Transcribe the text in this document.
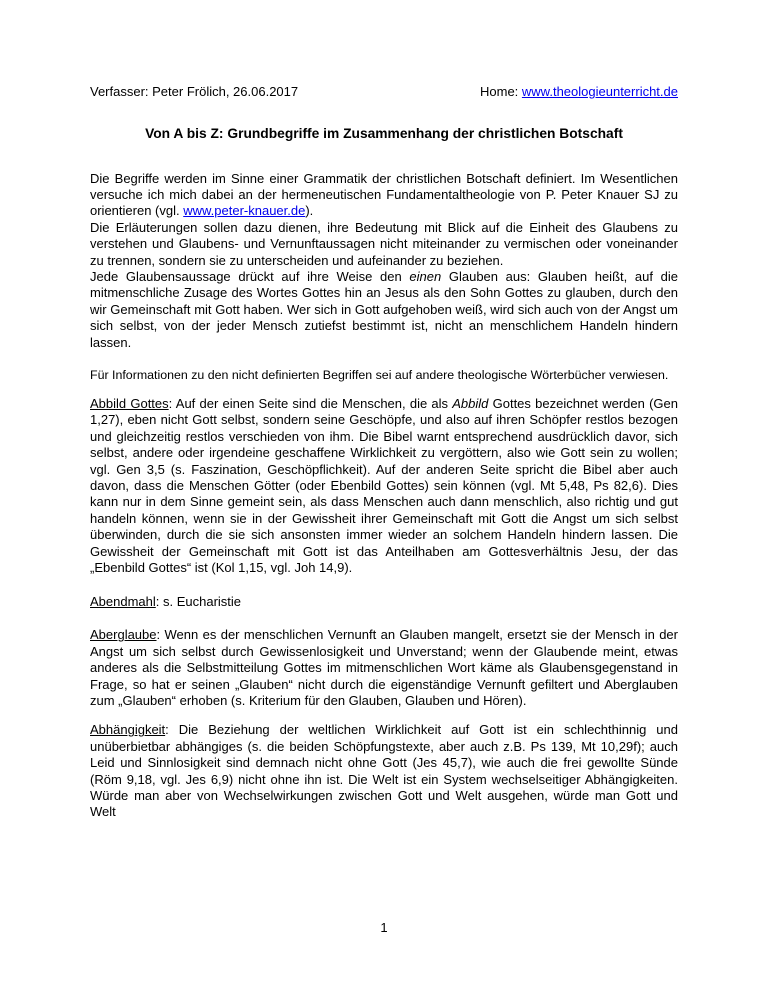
Verfasser: Peter Frölich, 26.06.2017	Home: www.theologieunterricht.de
Von A bis Z: Grundbegriffe im Zusammenhang der christlichen Botschaft

Die Begriffe werden im Sinne einer Grammatik der christlichen Botschaft definiert. Im Wesentlichen versuche ich mich dabei an der hermeneutischen Fundamentaltheologie von P. Peter Knauer SJ zu orientieren (vgl. www.peter-knauer.de).

Die Erläuterungen sollen dazu dienen, ihre Bedeutung mit Blick auf die Einheit des Glaubens zu verstehen und Glaubens- und Vernunftaussagen nicht miteinander zu vermischen oder voneinander zu trennen, sondern sie zu unterscheiden und aufeinander zu beziehen.

Jede Glaubensaussage drückt auf ihre Weise den einen Glauben aus: Glauben heißt, auf die mitmenschliche Zusage des Wortes Gottes hin an Jesus als den Sohn Gottes zu glauben, durch den wir Gemeinschaft mit Gott haben. Wer sich in Gott aufgehoben weiß, wird sich auch von der Angst um sich selbst, von der jeder Mensch zutiefst bestimmt ist, nicht an menschlichem Handeln hindern lassen.

Für Informationen zu den nicht definierten Begriffen sei auf andere theologische Wörterbücher verwiesen.

Abbild Gottes: Auf der einen Seite sind die Menschen, die als Abbild Gottes bezeichnet werden (Gen 1,27), eben nicht Gott selbst, sondern seine Geschöpfe, und also auf ihren Schöpfer restlos bezogen und gleichzeitig restlos verschieden von ihm. Die Bibel warnt entsprechend ausdrücklich davor, sich selbst, andere oder irgendeine geschaffene Wirklichkeit zu vergöttern, also wie Gott sein zu wollen; vgl. Gen 3,5 (s. Faszination, Geschöpflichkeit). Auf der anderen Seite spricht die Bibel aber auch davon, dass die Menschen Götter (oder Ebenbild Gottes) sein können (vgl. Mt 5,48, Ps 82,6). Dies kann nur in dem Sinne gemeint sein, als dass Menschen auch dann menschlich, also richtig und gut handeln können, wenn sie in der Gewissheit ihrer Gemeinschaft mit Gott die Angst um sich selbst überwinden, durch die sie sich ansonsten immer wieder an solchem Handeln hindern lassen. Die Gewissheit der Gemeinschaft mit Gott ist das Anteilhaben am Gottesverhältnis Jesu, der das „Ebenbild Gottes“ ist (Kol 1,15, vgl. Joh 14,9).

Abendmahl: s. Eucharistie

Aberglaube: Wenn es der menschlichen Vernunft an Glauben mangelt, ersetzt sie der Mensch in der Angst um sich selbst durch Gewissenlosigkeit und Unverstand; wenn der Glaubende meint, etwas anderes als die Selbstmitteilung Gottes im mitmenschlichen Wort käme als Glaubensgegenstand in Frage, so hat er seinen „Glauben“ nicht durch die eigenständige Vernunft gefiltert und Aberglauben zum „Glauben“ erhoben (s. Kriterium für den Glauben, Glauben und Hören).

Abhängigkeit: Die Beziehung der weltlichen Wirklichkeit auf Gott ist ein schlechthinnig und unüberbietbar abhängiges (s. die beiden Schöpfungstexte, aber auch z.B. Ps 139, Mt 10,29f); auch Leid und Sinnlosigkeit sind demnach nicht ohne Gott (Jes 45,7), wie auch die frei gewollte Sünde (Röm 9,18, vgl. Jes 6,9) nicht ohne ihn ist. Die Welt ist ein System wechselseitiger Abhängigkeiten. Würde man aber von Wechselwirkungen zwischen Gott und Welt ausgehen, würde man Gott und Welt

1
